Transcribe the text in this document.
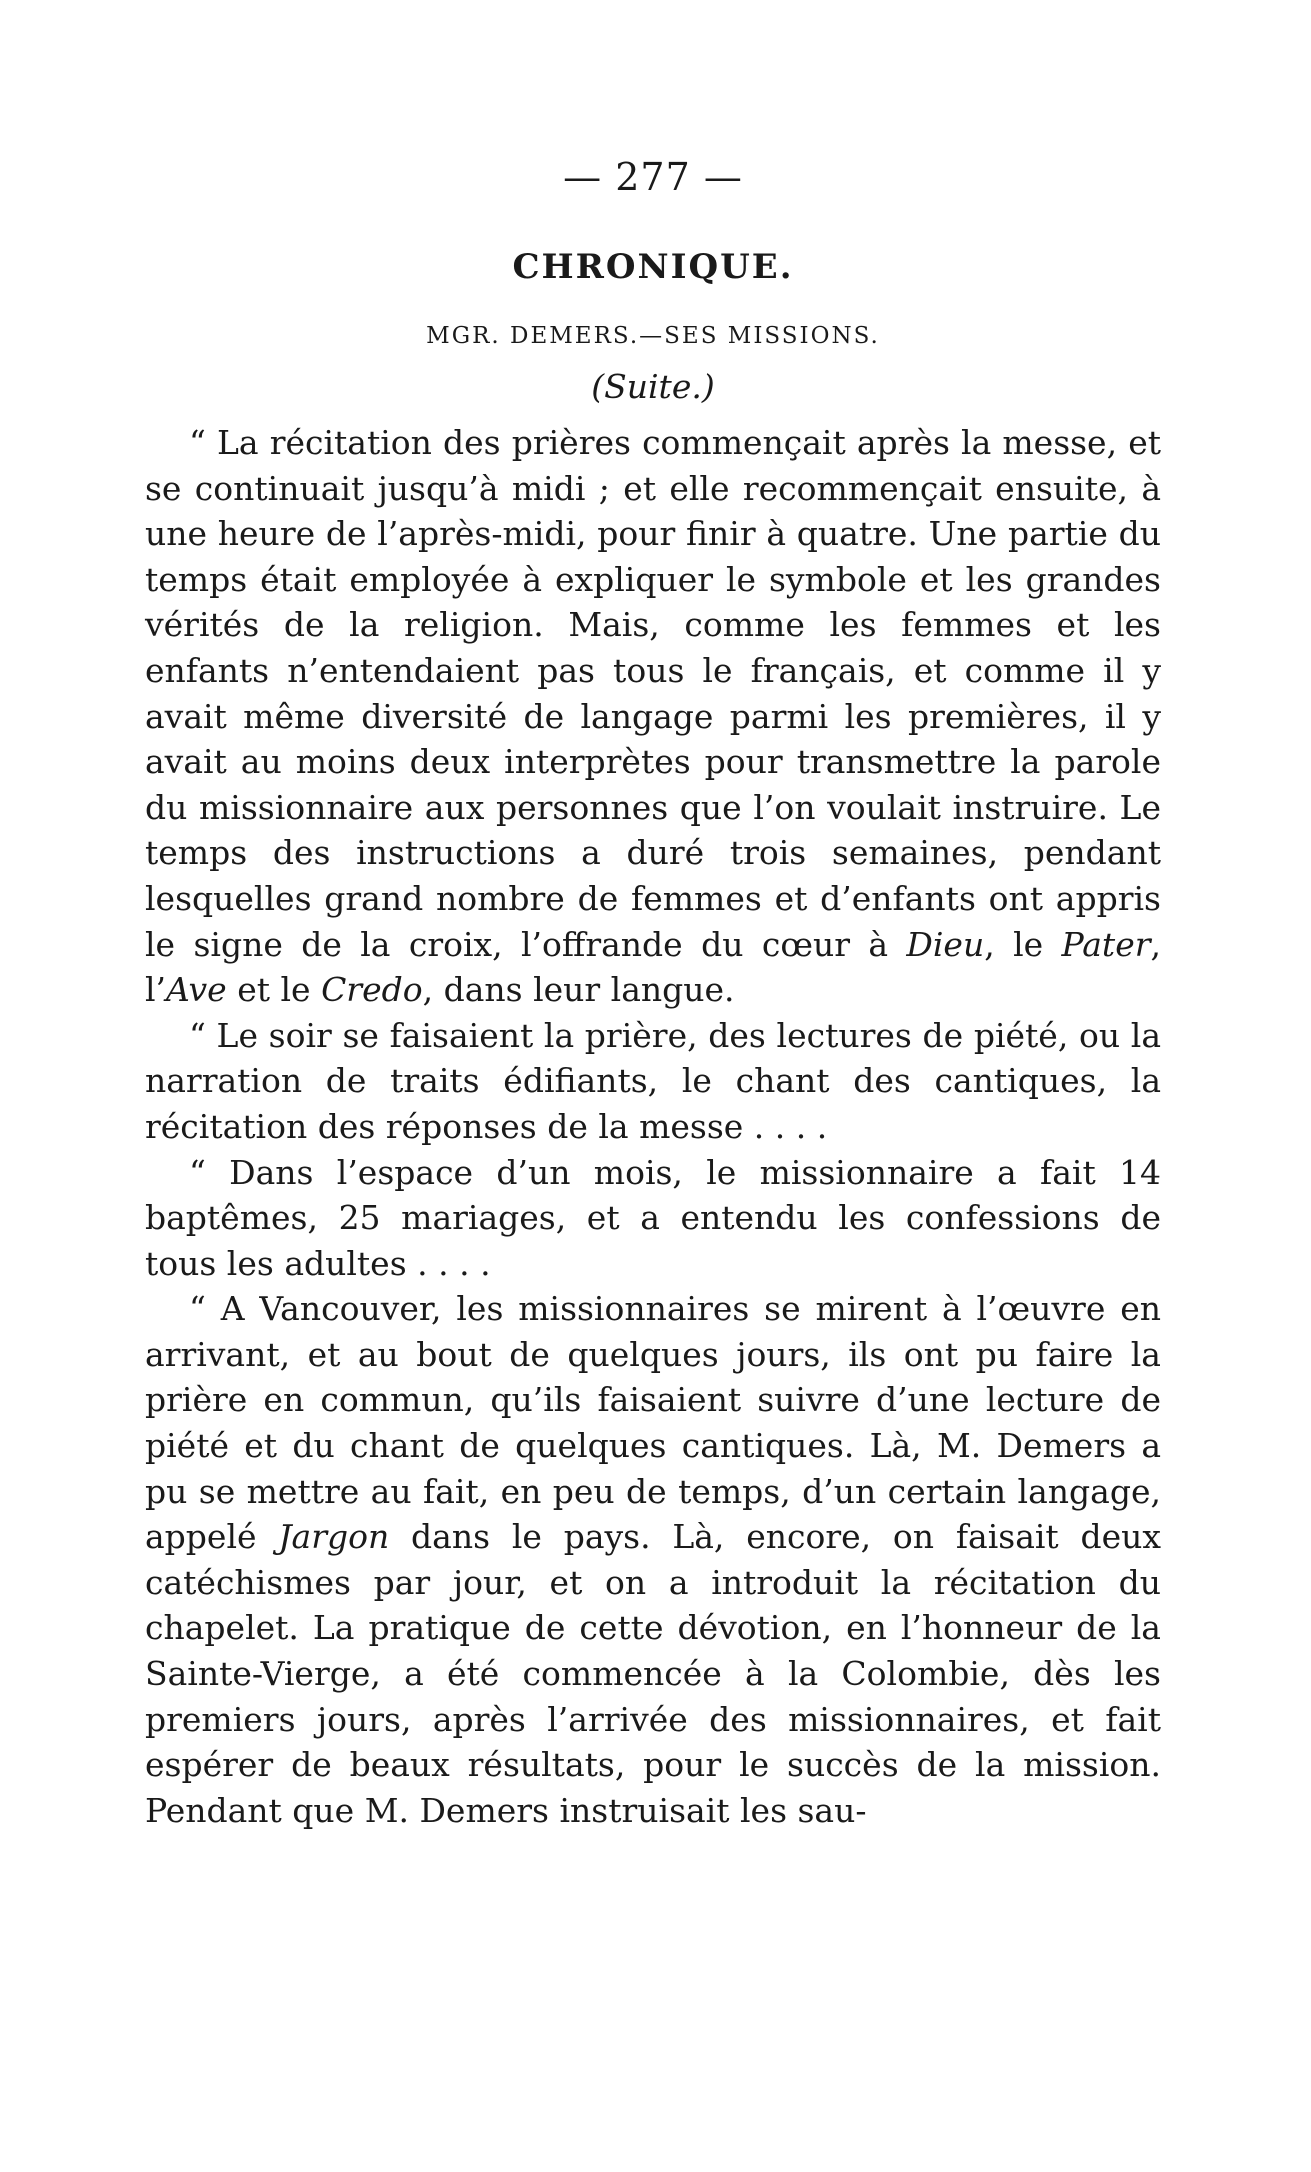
— 277 —
CHRONIQUE.
MGR. DEMERS.—SES MISSIONS.
(Suite.)

“ La récitation des prières commençait après la messe, et se continuait jusqu’à midi ; et elle recommençait ensuite, à une heure de l’après-midi, pour finir à quatre. Une partie du temps était employée à expliquer le symbole et les grandes vérités de la religion. Mais, comme les femmes et les enfants n’entendaient pas tous le français, et comme il y avait même diversité de langage parmi les premières, il y avait au moins deux interprètes pour transmettre la parole du missionnaire aux personnes que l’on voulait instruire. Le temps des instructions a duré trois semaines, pendant lesquelles grand nombre de femmes et d’enfants ont appris le signe de la croix, l’offrande du cœur à Dieu, le Pater, l’Ave et le Credo, dans leur langue.

“ Le soir se faisaient la prière, des lectures de piété, ou la narration de traits édifiants, le chant des cantiques, la récitation des réponses de la messe . . . .

“ Dans l’espace d’un mois, le missionnaire a fait 14 baptêmes, 25 mariages, et a entendu les confessions de tous les adultes . . . .

“ A Vancouver, les missionnaires se mirent à l’œuvre en arrivant, et au bout de quelques jours, ils ont pu faire la prière en commun, qu’ils faisaient suivre d’une lecture de piété et du chant de quelques cantiques. Là, M. Demers a pu se mettre au fait, en peu de temps, d’un certain langage, appelé Jargon dans le pays. Là, encore, on faisait deux catéchismes par jour, et on a introduit la récitation du chapelet. La pratique de cette dévotion, en l’honneur de la Sainte-Vierge, a été commencée à la Colombie, dès les premiers jours, après l’arrivée des missionnaires, et fait espérer de beaux résultats, pour le succès de la mission. Pendant que M. Demers instruisait les sau-
